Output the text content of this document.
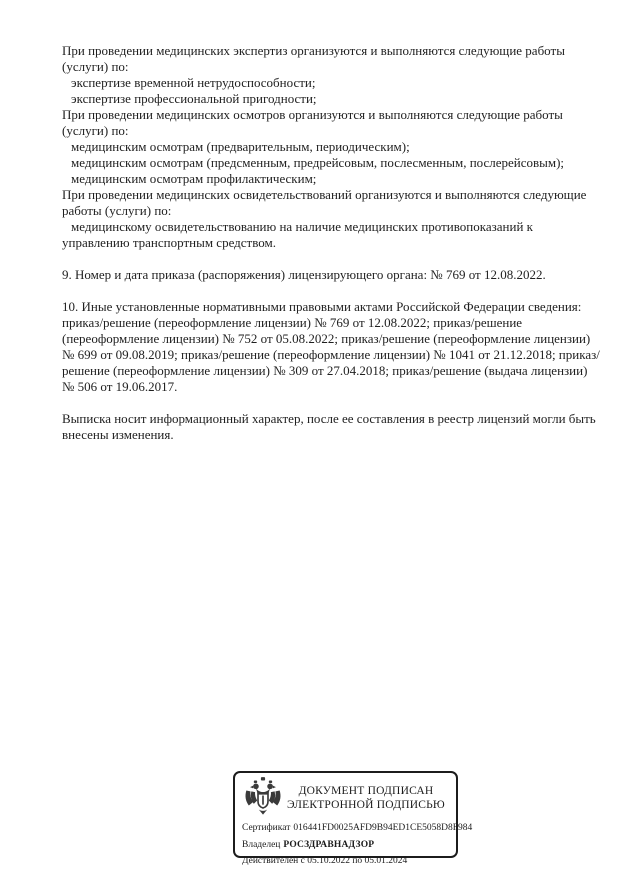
При проведении медицинских экспертиз организуются и выполняются следующие работы (услуги) по:

экспертизе временной нетрудоспособности;

экспертизе профессиональной пригодности;

При проведении медицинских осмотров организуются и выполняются следующие работы (услуги) по:

медицинским осмотрам (предварительным, периодическим);

медицинским осмотрам (предсменным, предрейсовым, послесменным, послерейсовым);

медицинским осмотрам профилактическим;

При проведении медицинских освидетельствований организуются и выполняются следующие работы (услуги) по:

медицинскому освидетельствованию на наличие медицинских противопоказаний к управлению транспортным средством.

9. Номер и дата приказа (распоряжения) лицензирующего органа: № 769 от 12.08.2022.

10. Иные установленные нормативными правовыми актами Российской Федерации сведения: приказ/решение (переоформление лицензии) № 769 от 12.08.2022; приказ/решение (переоформление лицензии) № 752 от 05.08.2022; приказ/решение (переоформление лицензии) № 699 от 09.08.2019; приказ/решение (переоформление лицензии) № 1041 от 21.12.2018; приказ/решение (переоформление лицензии) № 309 от 27.04.2018; приказ/решение (выдача лицензии) № 506 от 19.06.2017.

Выписка носит информационный характер, после ее составления в реестр лицензий могли быть внесены изменения.

ДОКУМЕНТ ПОДПИСАН
ЭЛЕКТРОННОЙ ПОДПИСЬЮ
Сертификат 016441FD0025AFD9B94ED1CE5058D8F984
Владелец РОСЗДРАВНАДЗОР
Действителен с 05.10.2022 по 05.01.2024
